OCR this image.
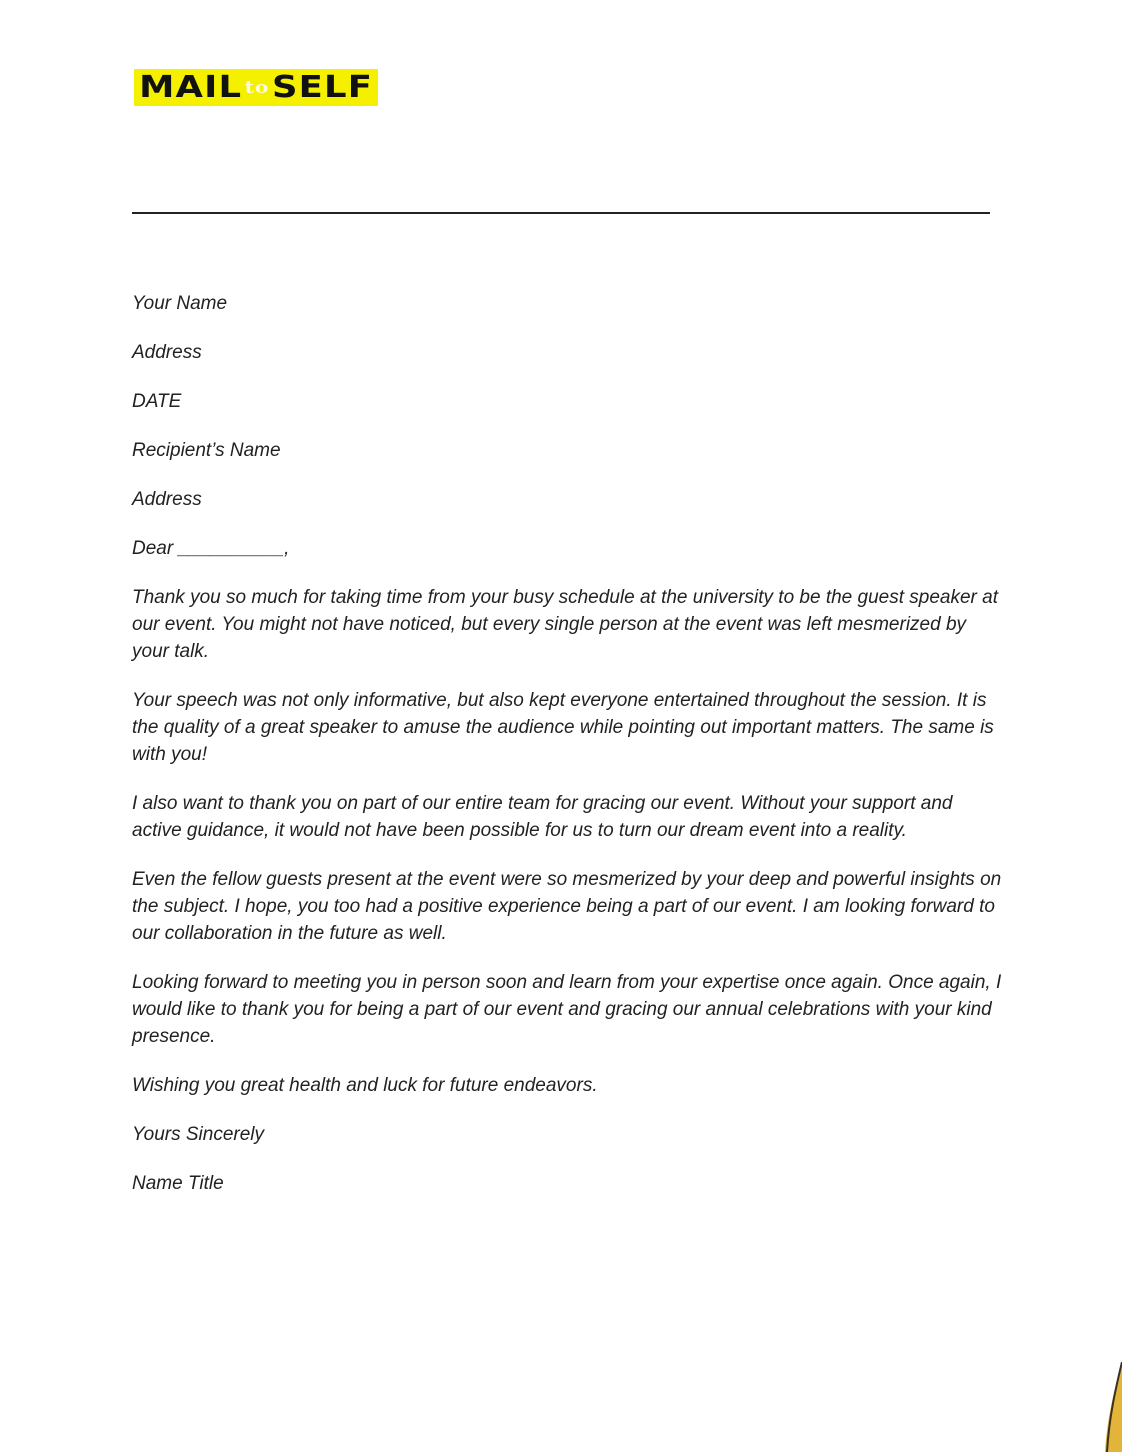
MAIL toSELF

Your Name

Address

DATE

Recipient’s Name

Address

Dear __________,

Thank you so much for taking time from your busy schedule at the university to be the guest speaker at our event. You might not have noticed, but every single person at the event was left mesmerized by your talk.

Your speech was not only informative, but also kept everyone entertained throughout the session. It is the quality of a great speaker to amuse the audience while pointing out important matters. The same is with you!

I also want to thank you on part of our entire team for gracing our event. Without your support and active guidance, it would not have been possible for us to turn our dream event into a reality.

Even the fellow guests present at the event were so mesmerized by your deep and powerful insights on the subject. I hope, you too had a positive experience being a part of our event. I am looking forward to our collaboration in the future as well.

Looking forward to meeting you in person soon and learn from your expertise once again. Once again, I would like to thank you for being a part of our event and gracing our annual celebrations with your kind presence.

Wishing you great health and luck for future endeavors.

Yours Sincerely

Name Title
